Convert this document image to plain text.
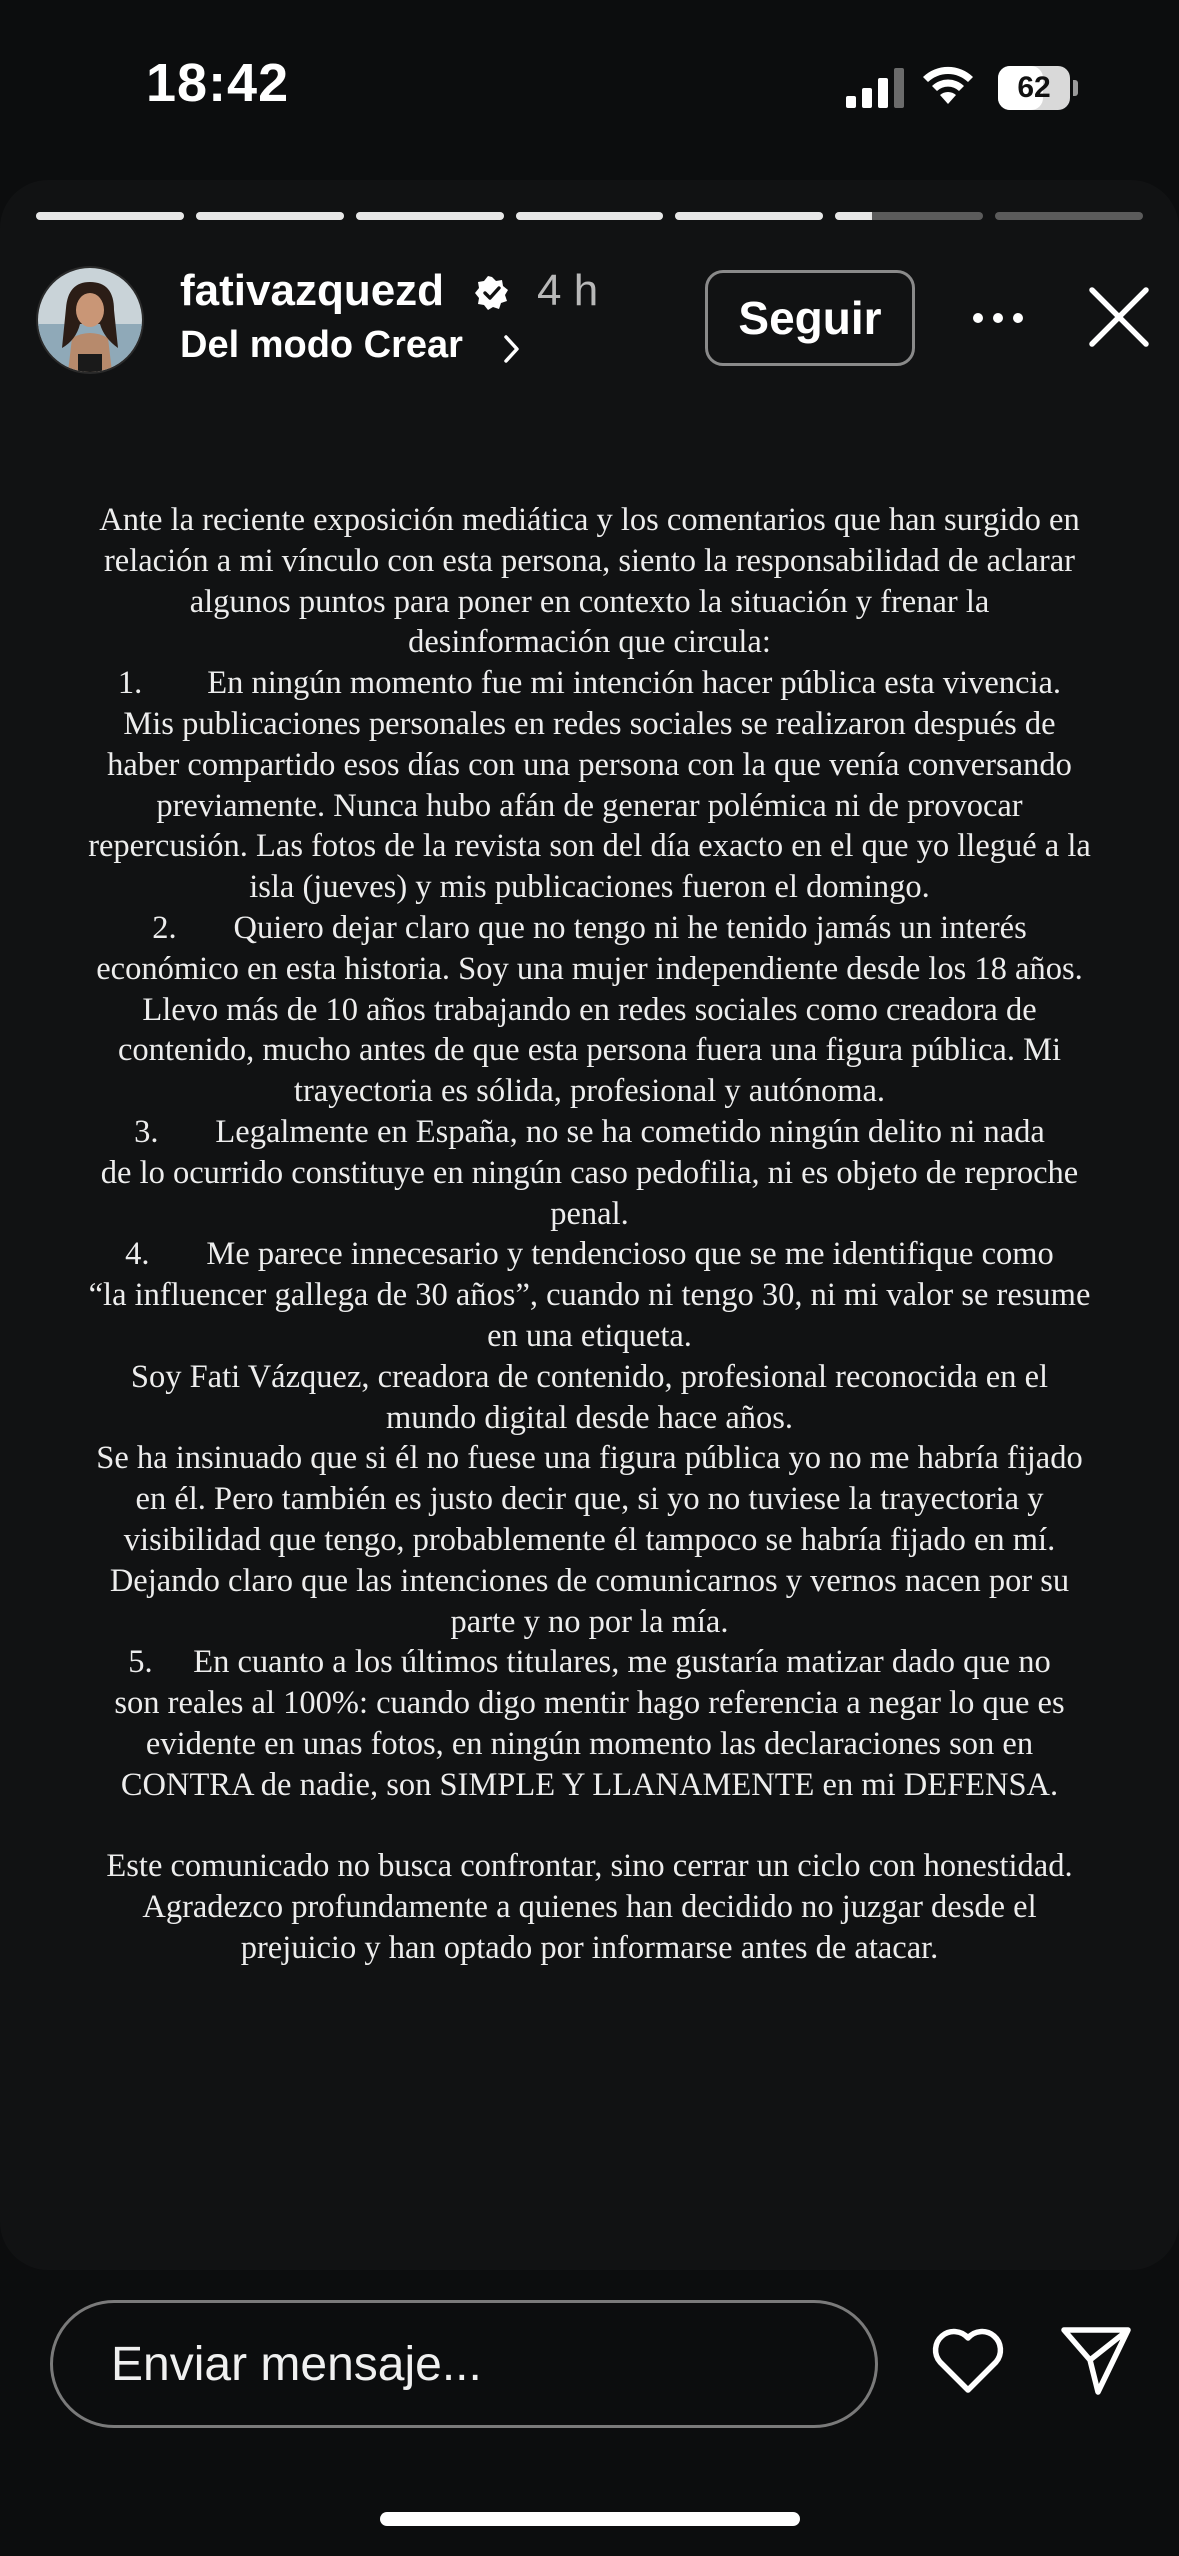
18:42	62
fativazquezd 4 h
Del modo Crear
Seguir

Ante la reciente exposición mediática y los comentarios que han surgido en

relación a mi vínculo con esta persona, siento la responsabilidad de aclarar

algunos puntos para poner en contexto la situación y frenar la

desinformación que circula:

1.        En ningún momento fue mi intención hacer pública esta vivencia.

Mis publicaciones personales en redes sociales se realizaron después de

haber compartido esos días con una persona con la que venía conversando

previamente. Nunca hubo afán de generar polémica ni de provocar

repercusión. Las fotos de la revista son del día exacto en el que yo llegué a la

isla (jueves) y mis publicaciones fueron el domingo.

2.       Quiero dejar claro que no tengo ni he tenido jamás un interés

económico en esta historia. Soy una mujer independiente desde los 18 años.

Llevo más de 10 años trabajando en redes sociales como creadora de

contenido, mucho antes de que esta persona fuera una figura pública. Mi

trayectoria es sólida, profesional y autónoma.

3.       Legalmente en España, no se ha cometido ningún delito ni nada

de lo ocurrido constituye en ningún caso pedofilia, ni es objeto de reproche

penal.

4.       Me parece innecesario y tendencioso que se me identifique como

“la influencer gallega de 30 años”, cuando ni tengo 30, ni mi valor se resume

en una etiqueta.

Soy Fati Vázquez, creadora de contenido, profesional reconocida en el

mundo digital desde hace años.

Se ha insinuado que si él no fuese una figura pública yo no me habría fijado

en él. Pero también es justo decir que, si yo no tuviese la trayectoria y

visibilidad que tengo, probablemente él tampoco se habría fijado en mí.

Dejando claro que las intenciones de comunicarnos y vernos nacen por su

parte y no por la mía.

5.     En cuanto a los últimos titulares, me gustaría matizar dado que no

son reales al 100%: cuando digo mentir hago referencia a negar lo que es

evidente en unas fotos, en ningún momento las declaraciones son en

CONTRA de nadie, son SIMPLE Y LLANAMENTE en mi DEFENSA.

Este comunicado no busca confrontar, sino cerrar un ciclo con honestidad.

Agradezco profundamente a quienes han decidido no juzgar desde el

prejuicio y han optado por informarse antes de atacar.

Enviar mensaje...
